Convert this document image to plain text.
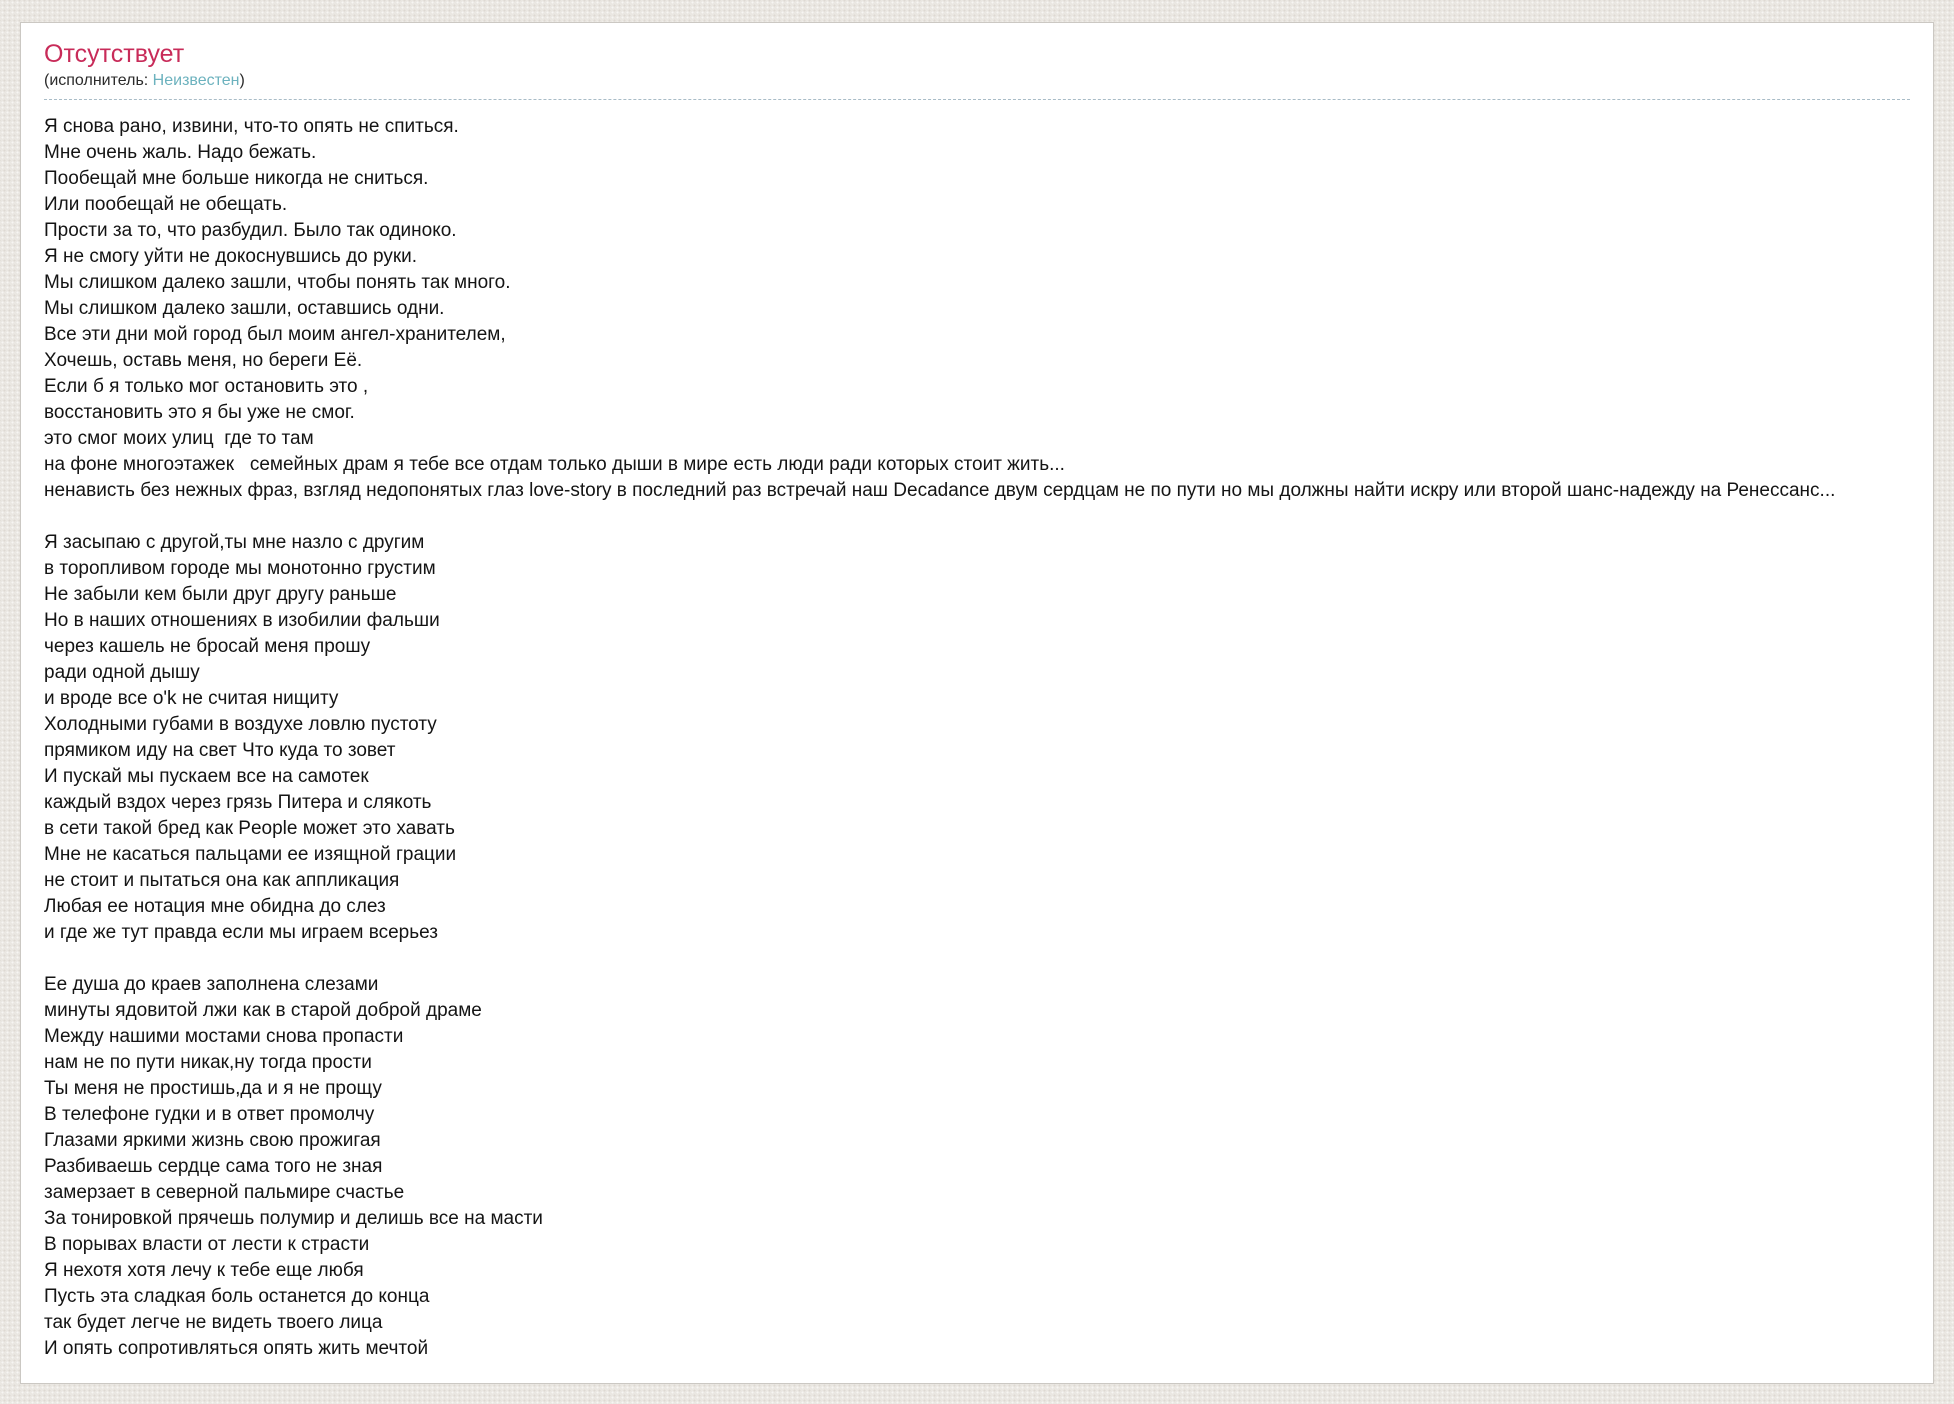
Отсутствует
(исполнитель: Неизвестен)
Я снова рано, извини, что-то опять не спиться.
Мне очень жаль. Надо бежать.
Пообещай мне больше никогда не сниться.
Или пообещай не обещать.
Прости за то, что разбудил. Было так одиноко.
Я не смогу уйти не докоснувшись до руки.
Мы слишком далеко зашли, чтобы понять так много.
Мы слишком далеко зашли, оставшись одни.
Все эти дни мой город был моим ангел-хранителем,
Хочешь, оставь меня, но береги Её.
Если б я только мог остановить это ,
восстановить это я бы уже не смог.
это смог моих улиц  где то там
на фоне многоэтажек   семейных драм я тебе все отдам только дыши в мире есть люди ради которых стоит жить...
ненависть без нежных фраз, взгляд недопонятых глаз love-story в последний раз встречай наш Decadance двум сердцам не по пути но мы должны найти искру или второй шанс-надежду на Ренессанс...
Я засыпаю с другой,ты мне назло с другим
в торопливом городе мы монотонно грустим
Не забыли кем были друг другу раньше
Но в наших отношениях в изобилии фальши
через кашель не бросай меня прошу
ради одной дышу
и вроде все o'k не считая нищиту
Холодными губами в воздухе ловлю пустоту
прямиком иду на свет Что куда то зовет
И пускай мы пускаем все на самотек
каждый вздох через грязь Питера и слякоть
в сети такой бред как People может это хавать
Мне не касаться пальцами ее изящной грации
не стоит и пытаться она как аппликация
Любая ее нотация мне обидна до слез
и где же тут правда если мы играем всерьез
Ее душа до краев заполнена слезами
минуты ядовитой лжи как в старой доброй драме
Между нашими мостами снова пропасти
нам не по пути никак,ну тогда прости
Ты меня не простишь,да и я не прощу
В телефоне гудки и в ответ промолчу
Глазами яркими жизнь свою прожигая
Разбиваешь сердце сама того не зная
замерзает в северной пальмире счастье
За тонировкой прячешь полумир и делишь все на масти
В порывах власти от лести к страсти
Я нехотя хотя лечу к тебе еще любя
Пусть эта сладкая боль останется до конца
так будет легче не видеть твоего лица
И опять сопротивляться опять жить мечтой
